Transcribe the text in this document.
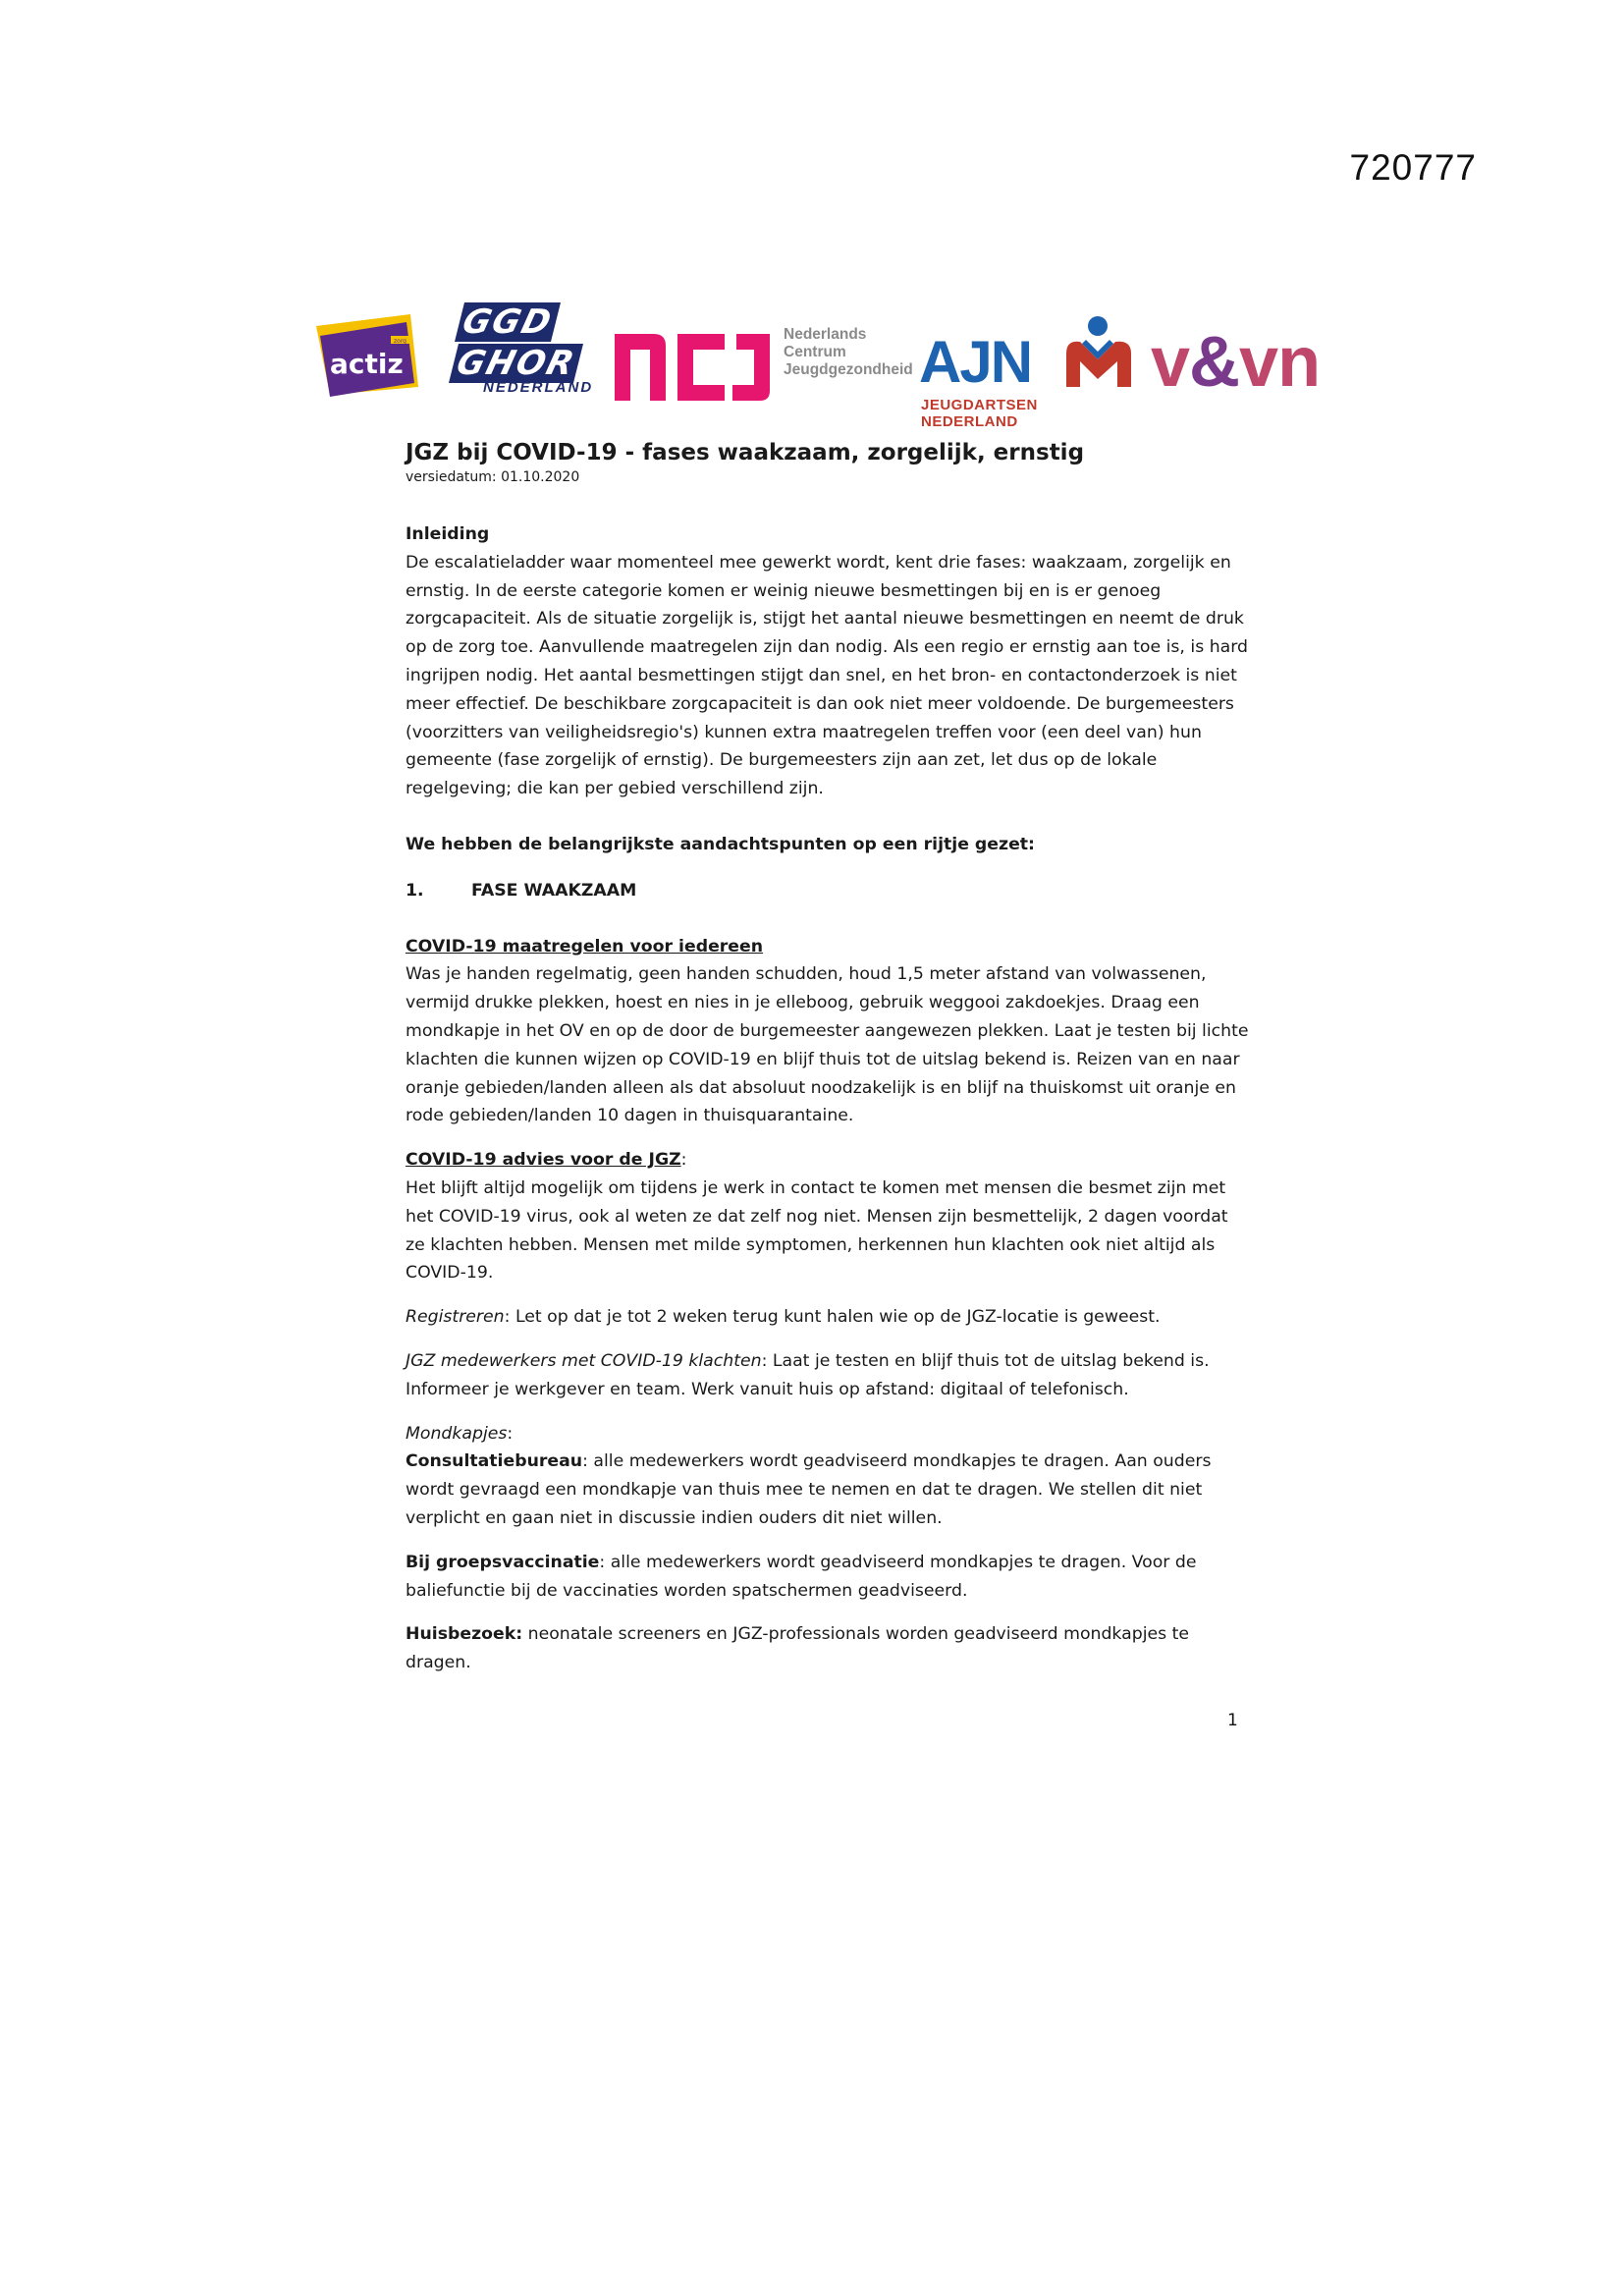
720777
actiz
zorg GGD
GHOR
NEDERLAND
ncj	Nederlands
Centrum
Jeugdgezondheid AJN
JEUGDARTSEN NEDERLAND
v&vn

JGZ bij COVID-19 - fases waakzaam, zorgelijk, ernstig

versiedatum: 01.10.2020

Inleiding

De escalatieladder waar momenteel mee gewerkt wordt, kent drie fases: waakzaam, zorgelijk en ernstig. In de eerste categorie komen er weinig nieuwe besmettingen bij en is er genoeg zorgcapaciteit. Als de situatie zorgelijk is, stijgt het aantal nieuwe besmettingen en neemt de druk op de zorg toe. Aanvullende maatregelen zijn dan nodig. Als een regio er ernstig aan toe is, is hard ingrijpen nodig. Het aantal besmettingen stijgt dan snel, en het bron- en contactonderzoek is niet meer effectief. De beschikbare zorgcapaciteit is dan ook niet meer voldoende. De burgemeesters (voorzitters van veiligheidsregio's) kunnen extra maatregelen treffen voor (een deel van) hun gemeente (fase zorgelijk of ernstig). De burgemeesters zijn aan zet, let dus op de lokale regelgeving; die kan per gebied verschillend zijn.

We hebben de belangrijkste aandachtspunten op een rijtje gezet:

1.	FASE WAAKZAAM

COVID-19 maatregelen voor iedereen

Was je handen regelmatig, geen handen schudden, houd 1,5 meter afstand van volwassenen, vermijd drukke plekken, hoest en nies in je elleboog, gebruik weggooi zakdoekjes. Draag een mondkapje in het OV en op de door de burgemeester aangewezen plekken. Laat je testen bij lichte klachten die kunnen wijzen op COVID-19 en blijf thuis tot de uitslag bekend is. Reizen van en naar oranje gebieden/landen alleen als dat absoluut noodzakelijk is en blijf na thuiskomst uit oranje en rode gebieden/landen 10 dagen in thuisquarantaine.

COVID-19 advies voor de JGZ:

Het blijft altijd mogelijk om tijdens je werk in contact te komen met mensen die besmet zijn met het COVID-19 virus, ook al weten ze dat zelf nog niet. Mensen zijn besmettelijk, 2 dagen voordat ze klachten hebben. Mensen met milde symptomen, herkennen hun klachten ook niet altijd als COVID-19.

Registreren: Let op dat je tot 2 weken terug kunt halen wie op de JGZ-locatie is geweest.

JGZ medewerkers met COVID-19 klachten: Laat je testen en blijf thuis tot de uitslag bekend is. Informeer je werkgever en team. Werk vanuit huis op afstand: digitaal of telefonisch.

Mondkapjes:

Consultatiebureau: alle medewerkers wordt geadviseerd mondkapjes te dragen. Aan ouders wordt gevraagd een mondkapje van thuis mee te nemen en dat te dragen. We stellen dit niet verplicht en gaan niet in discussie indien ouders dit niet willen.

Bij groepsvaccinatie: alle medewerkers wordt geadviseerd mondkapjes te dragen. Voor de baliefunctie bij de vaccinaties worden spatschermen geadviseerd.

Huisbezoek: neonatale screeners en JGZ-professionals worden geadviseerd mondkapjes te dragen.

1
